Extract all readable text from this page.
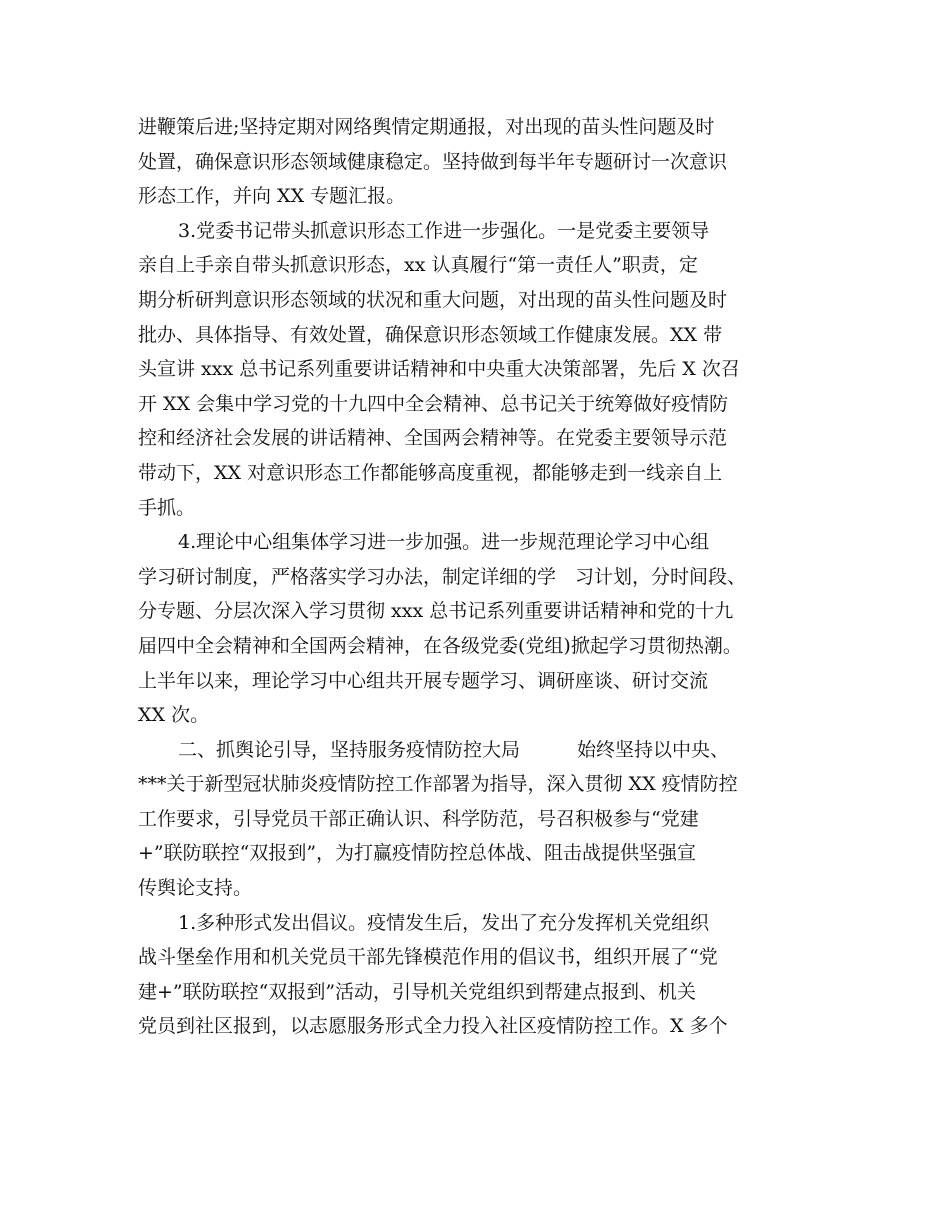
进鞭策后进;坚持定期对网络舆情定期通报，对出现的苗头性问题及时
处置，确保意识形态领域健康稳定。坚持做到每半年专题研讨一次意识
形态工作，并向 XX 专题汇报。
3.党委书记带头抓意识形态工作进一步强化。一是党委主要领导
亲自上手亲自带头抓意识形态，xx 认真履行“第一责任人”职责，定
期分析研判意识形态领域的状况和重大问题，对出现的苗头性问题及时
批办、具体指导、有效处置，确保意识形态领域工作健康发展。XX 带
头宣讲 xxx 总书记系列重要讲话精神和中央重大决策部署，先后 X 次召
开 XX 会集中学习党的十九四中全会精神、总书记关于统筹做好疫情防
控和经济社会发展的讲话精神、全国两会精神等。在党委主要领导示范
带动下，XX 对意识形态工作都能够高度重视，都能够走到一线亲自上
手抓。
4.理论中心组集体学习进一步加强。进一步规范理论学习中心组
学习研讨制度，严格落实学习办法，制定详细的学　习计划，分时间段、
分专题、分层次深入学习贯彻 xxx 总书记系列重要讲话精神和党的十九
届四中全会精神和全国两会精神，在各级党委(党组)掀起学习贯彻热潮。
上半年以来，理论学习中心组共开展专题学习、调研座谈、研讨交流
XX 次。
二、抓舆论引导，坚持服务疫情防控大局　　　始终坚持以中央、
***关于新型冠状肺炎疫情防控工作部署为指导，深入贯彻 XX 疫情防控
工作要求，引导党员干部正确认识、科学防范，号召积极参与“党建
+”联防联控“双报到”，为打赢疫情防控总体战、阻击战提供坚强宣
传舆论支持。
1.多种形式发出倡议。疫情发生后，发出了充分发挥机关党组织
战斗堡垒作用和机关党员干部先锋模范作用的倡议书，组织开展了“党
建+”联防联控“双报到”活动，引导机关党组织到帮建点报到、机关
党员到社区报到，以志愿服务形式全力投入社区疫情防控工作。X 多个
